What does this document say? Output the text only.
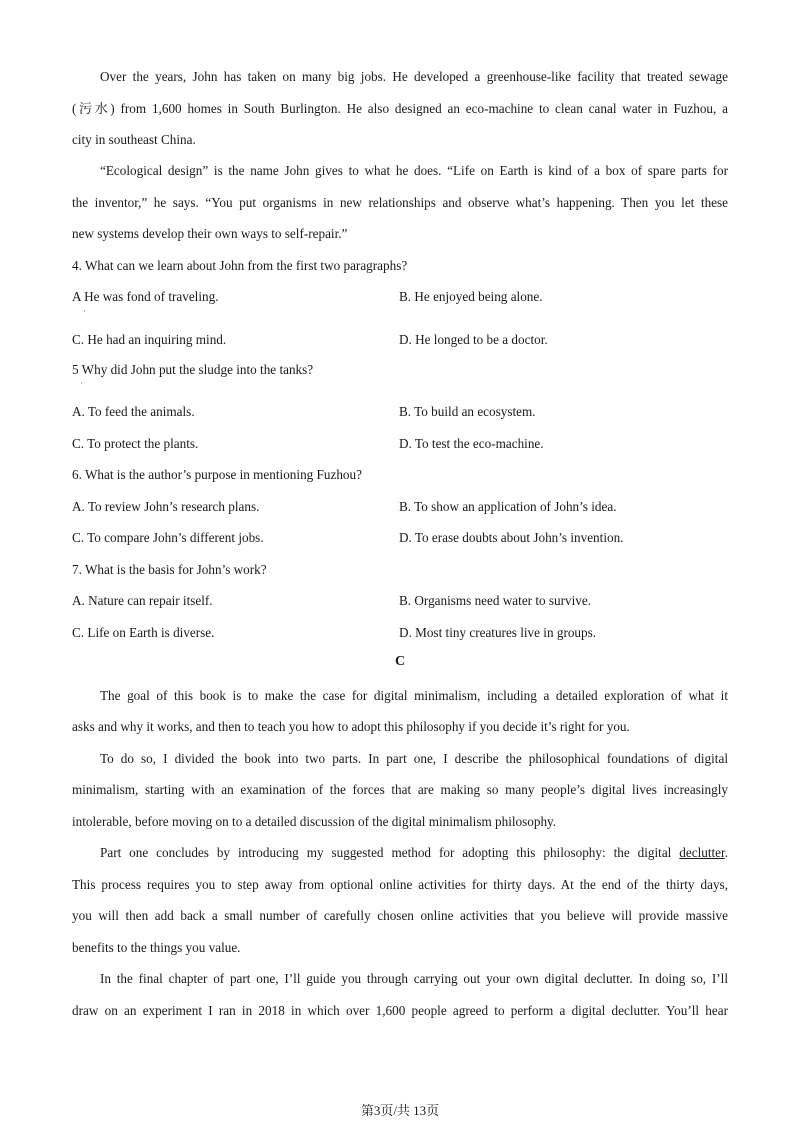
Over the years, John has taken on many big jobs. He developed a greenhouse-like facility that treated sewage
(污水) from 1,600 homes in South Burlington. He also designed an eco-machine to clean canal water in Fuzhou, a
city in southeast China.
“Ecological design” is the name John gives to what he does. “Life on Earth is kind of a box of spare parts for
the inventor,” he says. “You put organisms in new relationships and observe what’s happening. Then you let these
new systems develop their own ways to self-repair.”
4. What can we learn about John from the first two paragraphs?
A He was fond of traveling.	B. He enjoyed being alone.
·
C. He had an inquiring mind.	D. He longed to be a doctor.
5 Why did John put the sludge into the tanks?
·
A. To feed the animals.	B. To build an ecosystem.
C. To protect the plants.	D. To test the eco-machine.
6. What is the author’s purpose in mentioning Fuzhou?
A. To review John’s research plans.	B. To show an application of John’s idea.
C. To compare John’s different jobs.	D. To erase doubts about John’s invention.
7. What is the basis for John’s work?
A. Nature can repair itself.	B. Organisms need water to survive.
C. Life on Earth is diverse.	D. Most tiny creatures live in groups.
C
The goal of this book is to make the case for digital minimalism, including a detailed exploration of what it
asks and why it works, and then to teach you how to adopt this philosophy if you decide it’s right for you.
To do so, I divided the book into two parts. In part one, I describe the philosophical foundations of digital
minimalism, starting with an examination of the forces that are making so many people’s digital lives increasingly
intolerable, before moving on to a detailed discussion of the digital minimalism philosophy.
Part one concludes by introducing my suggested method for adopting this philosophy: the digital declutter.
This process requires you to step away from optional online activities for thirty days. At the end of the thirty days,
you will then add back a small number of carefully chosen online activities that you believe will provide massive
benefits to the things you value.
In the final chapter of part one, I’ll guide you through carrying out your own digital declutter. In doing so, I’ll
draw on an experiment I ran in 2018 in which over 1,600 people agreed to perform a digital declutter. You’ll hear
第3页/共 13页
